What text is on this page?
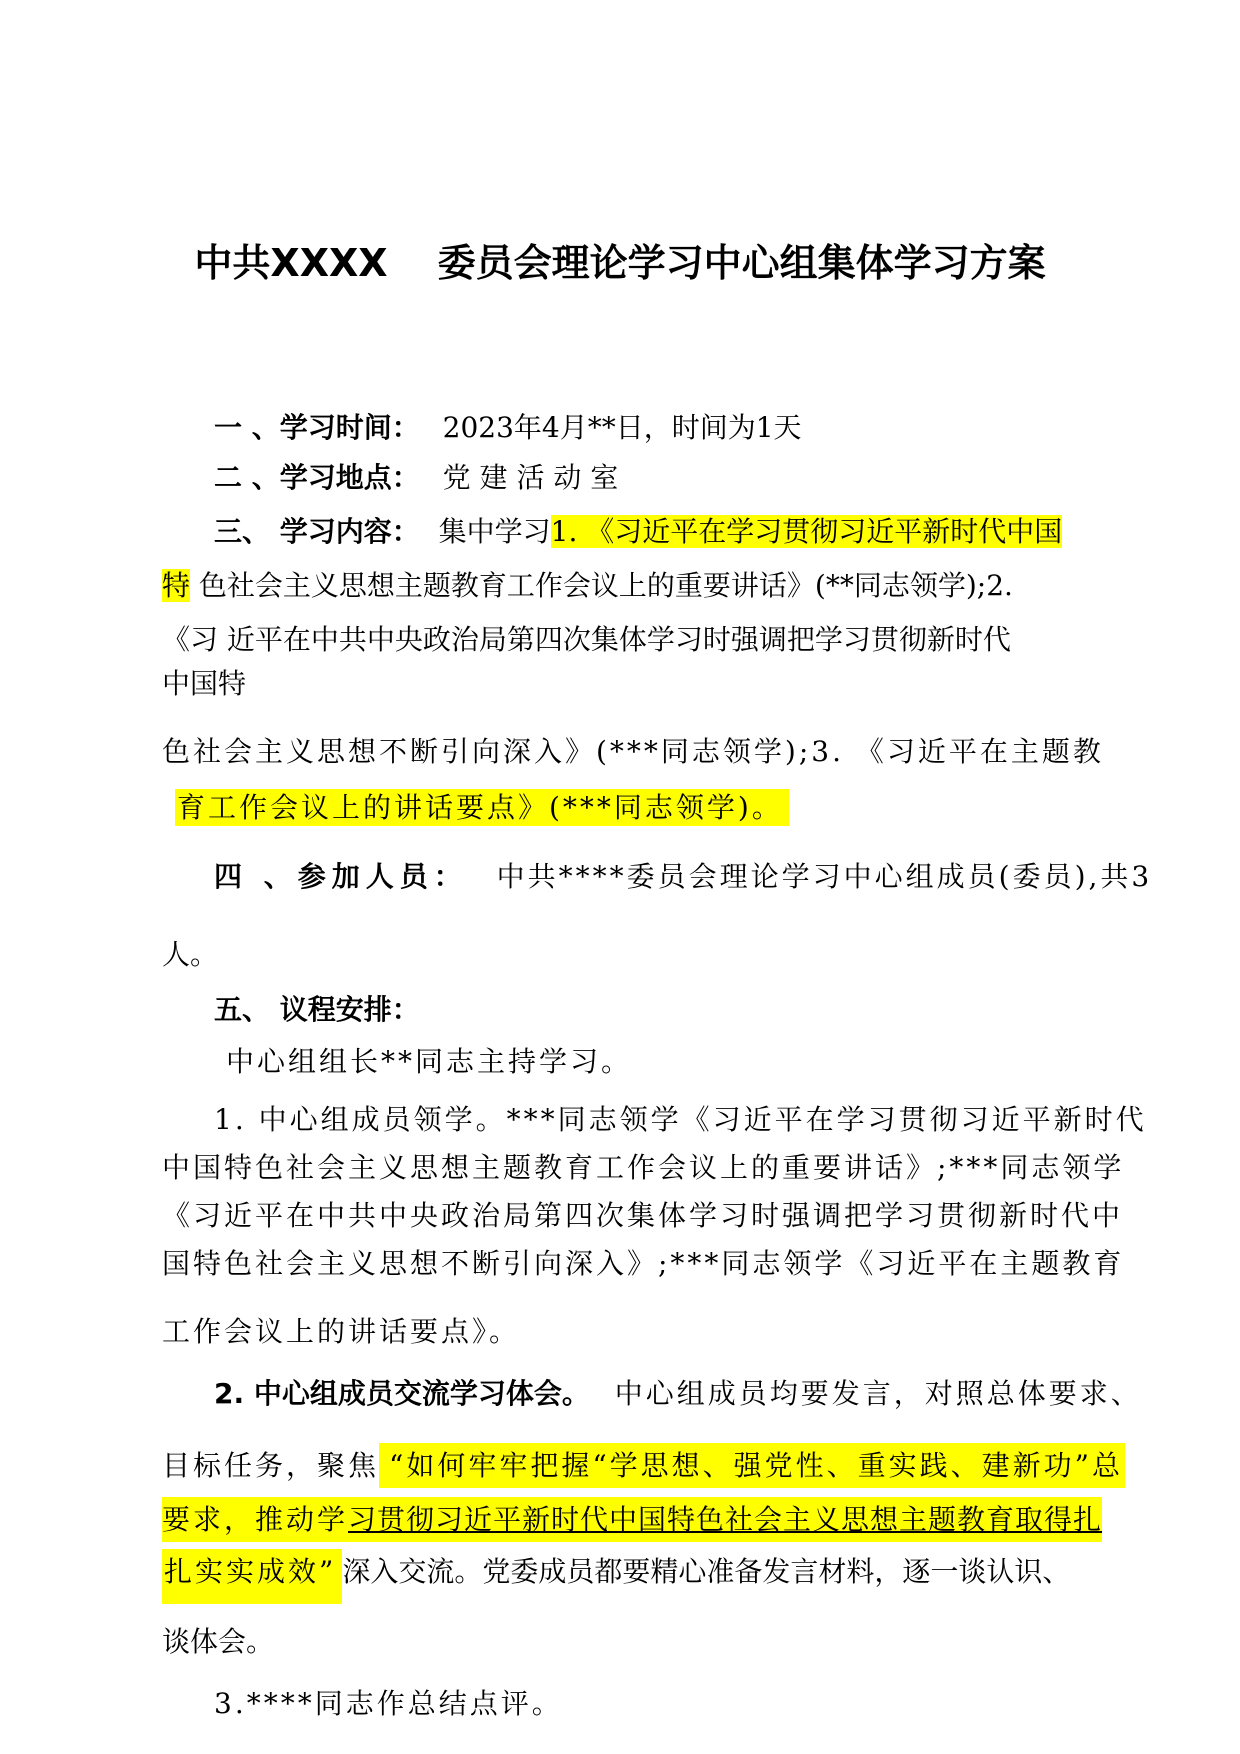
中共XXXX 委员会理论学习中心组集体学习方案
一 、学习时间： 2023年4月**日，时间为1天
二 、学习地点： 党 建 活 动 室
三、 学习内容： 集中学习1. 《习近平在学习贯彻习近平新时代中国
特 色社会主义思想主题教育工作会议上的重要讲话》(**同志领学);2.
《习 近平在中共中央政治局第四次集体学习时强调把学习贯彻新时代
中国特
色社会主义思想不断引向深入》(***同志领学);3. 《习近平在主题教
育工作会议上的讲话要点》(***同志领学)。
四 、参加人员： 中共****委员会理论学习中心组成员(委员),共3
人。
五、 议程安排：
中心组组长**同志主持学习。
1. 中心组成员领学。***同志领学《习近平在学习贯彻习近平新时代
中国特色社会主义思想主题教育工作会议上的重要讲话》;***同志领学
《习近平在中共中央政治局第四次集体学习时强调把学习贯彻新时代中
国特色社会主义思想不断引向深入》;***同志领学《习近平在主题教育
工作会议上的讲话要点》。
2. 中心组成员交流学习体会。 中心组成员均要发言，对照总体要求、
目标任务，聚焦 “如何牢牢把握“学思想、强党性、重实践、建新功”总
要求，推动学习贯彻习近平新时代中国特色社会主义思想主题教育取得扎
扎实实成效” 深入交流。党委成员都要精心准备发言材料，逐一谈认识、
谈体会。
3.****同志作总结点评。
